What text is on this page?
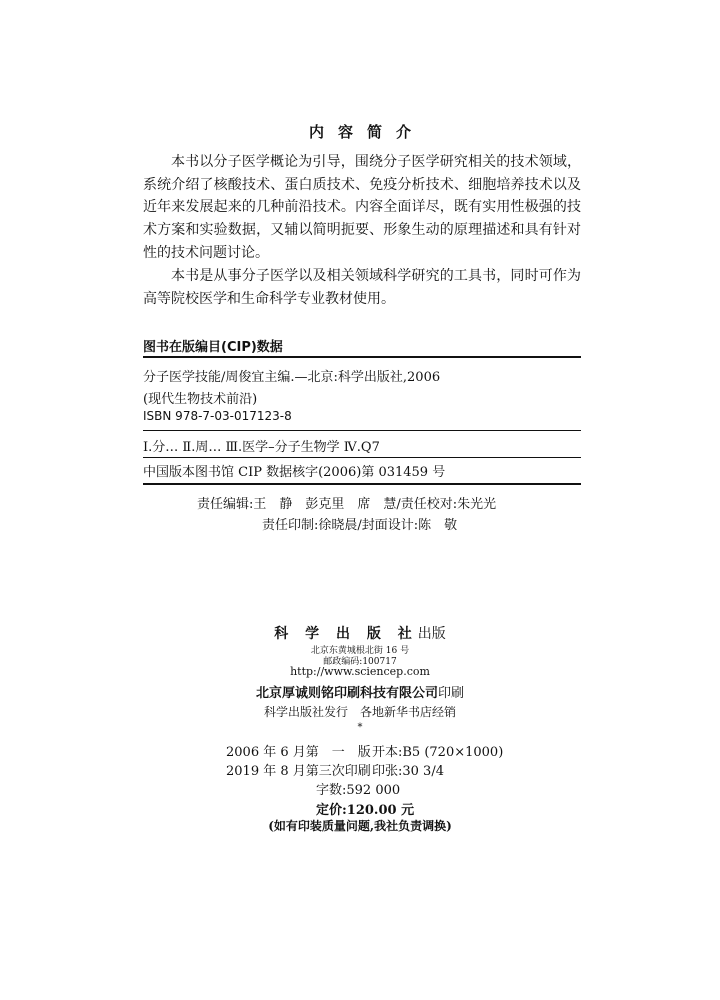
内容简介

本书以分子医学概论为引导，围绕分子医学研究相关的技术领域，系统介绍了核酸技术、蛋白质技术、免疫分析技术、细胞培养技术以及近年来发展起来的几种前沿技术。内容全面详尽，既有实用性极强的技术方案和实验数据，又辅以简明扼要、形象生动的原理描述和具有针对性的技术问题讨论。

本书是从事分子医学以及相关领域科学研究的工具书，同时可作为高等院校医学和生命科学专业教材使用。

图书在版编目(CIP)数据
分子医学技能/周俊宜主编.—北京:科学出版社,2006
(现代生物技术前沿)
ISBN 978-7-03-017123-8
Ⅰ.分… Ⅱ.周… Ⅲ.医学–分子生物学 Ⅳ.Q7
中国版本图书馆 CIP 数据核字(2006)第 031459 号
责任编辑:王　静　彭克里　席　慧/责任校对:朱光光
责任印制:徐晓晨/封面设计:陈　敬
科 学 出 版 社出版
北京东黄城根北街 16 号
邮政编码:100717
http://www.sciencep.com
北京厚诚则铭印刷科技有限公司印刷
科学出版社发行　各地新华书店经销
*
2006 年 6 月第　一　版 开本:B5 (720×1000)
2019 年 8 月第三次印刷 印张:30 3/4
字数:592 000
定价:120.00 元
(如有印装质量问题,我社负责调换)
